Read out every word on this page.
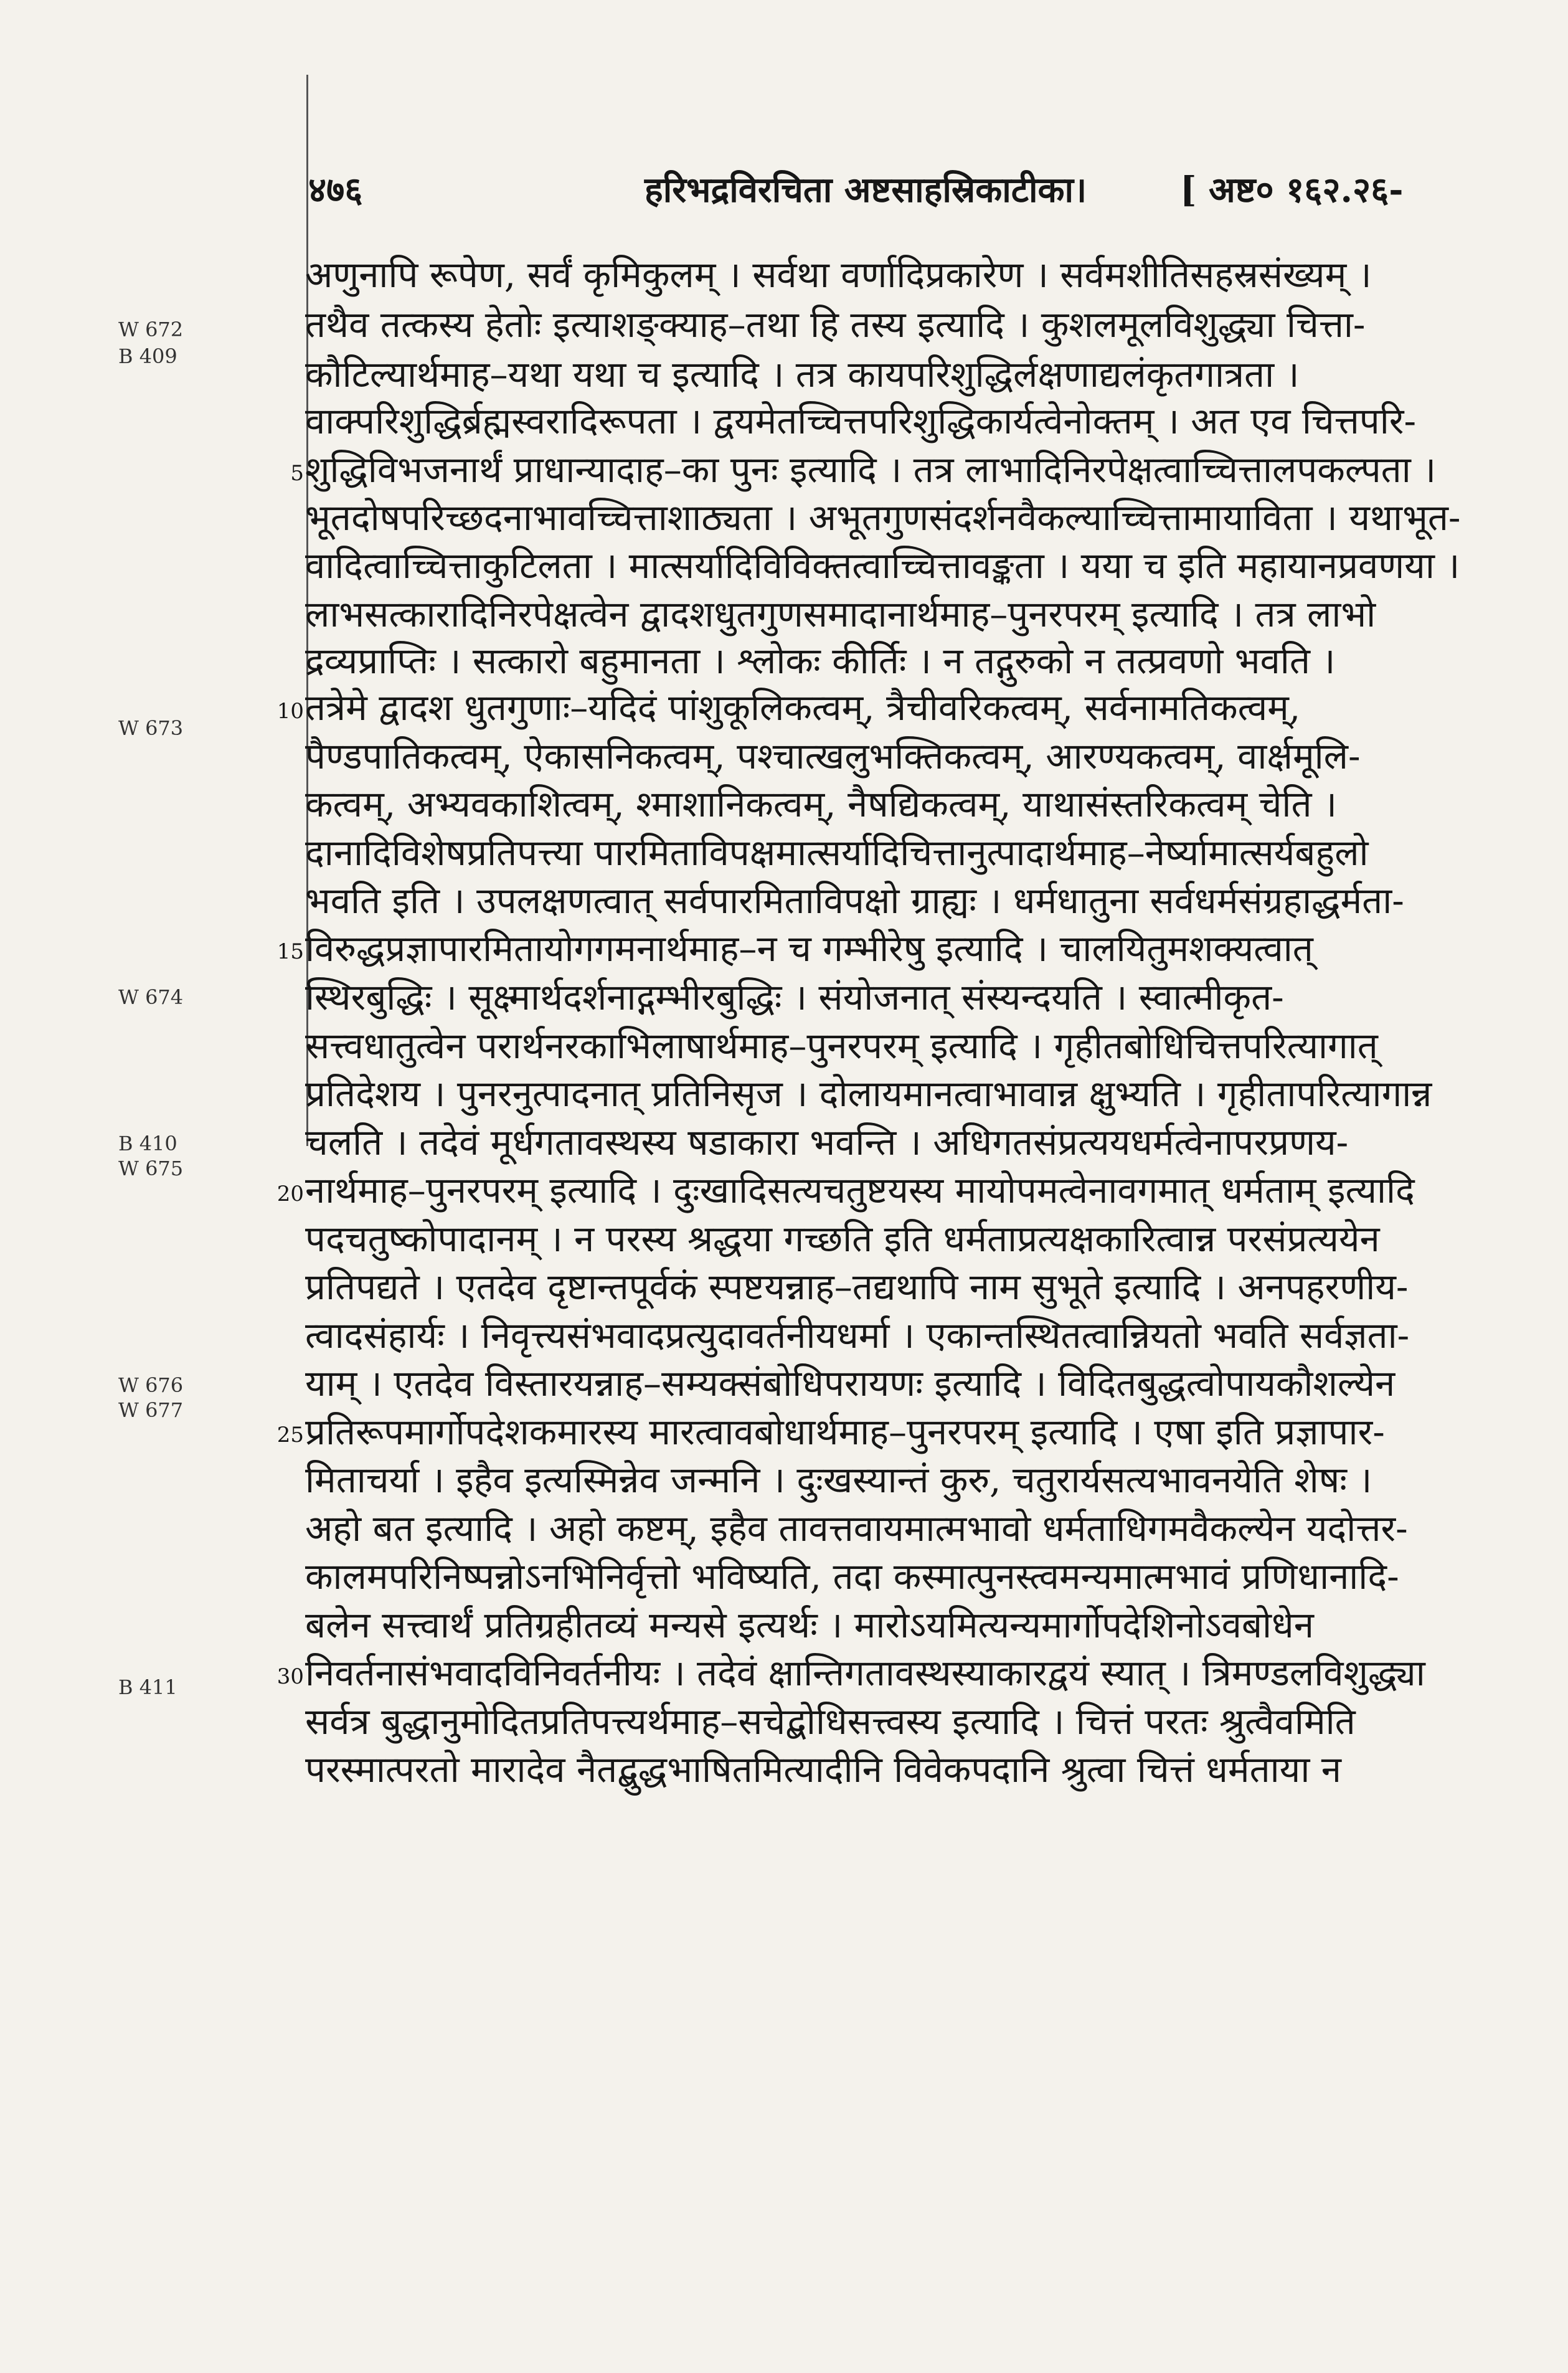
४७६	हरिभद्रविरचिता अष्टसाहस्रिकाटीका।	[ अष्ट० १६२.२६-
अणुनापि रूपेण, सर्वं कृमिकुलम् । सर्वथा वर्णादिप्रकारेण । सर्वमशीतिसहस्रसंख्यम् ।
तथैव तत्कस्य हेतोः इत्याशङ्क्याह–तथा हि तस्य इत्यादि । कुशलमूलविशुद्ध्या चित्ता-
कौटिल्यार्थमाह–यथा यथा च इत्यादि । तत्र कायपरिशुद्धिर्लक्षणाद्यलंकृतगात्रता ।
वाक्परिशुद्धिर्ब्रह्मस्वरादिरूपता । द्वयमेतच्चित्तपरिशुद्धिकार्यत्वेनोक्तम् । अत एव चित्तपरि-
शुद्धिविभजनार्थं प्राधान्यादाह–का पुनः इत्यादि । तत्र लाभादिनिरपेक्षत्वाच्चित्तालपकल्पता ।
भूतदोषपरिच्छदनाभावच्चित्ताशाठ्यता । अभूतगुणसंदर्शनवैकल्याच्चित्तामायाविता । यथाभूत-
वादित्वाच्चित्ताकुटिलता । मात्सर्यादिविविक्तत्वाच्चित्तावङ्कता । यया च इति महायानप्रवणया ।
लाभसत्कारादिनिरपेक्षत्वेन द्वादशधुतगुणसमादानार्थमाह–पुनरपरम् इत्यादि । तत्र लाभो
द्रव्यप्राप्तिः । सत्कारो बहुमानता । श्लोकः कीर्तिः । न तद्गुरुको न तत्प्रवणो भवति ।
तत्रेमे द्वादश धुतगुणाः–यदिदं पांशुकूलिकत्वम्, त्रैचीवरिकत्वम्, सर्वनामतिकत्वम्,
पैण्डपातिकत्वम्, ऐकासनिकत्वम्, पश्चात्खलुभक्तिकत्वम्, आरण्यकत्वम्, वार्क्षमूलि-
कत्वम्, अभ्यवकाशित्वम्, श्माशानिकत्वम्, नैषद्यिकत्वम्, याथासंस्तरिकत्वम् चेति ।
दानादिविशेषप्रतिपत्त्या पारमिताविपक्षमात्सर्यादिचित्तानुत्पादार्थमाह–नेर्ष्यामात्सर्यबहुलो
भवति इति । उपलक्षणत्वात् सर्वपारमिताविपक्षो ग्राह्यः । धर्मधातुना सर्वधर्मसंग्रहाद्धर्मता-
विरुद्धप्रज्ञापारमितायोगगमनार्थमाह–न च गम्भीरेषु इत्यादि । चालयितुमशक्यत्वात्
स्थिरबुद्धिः । सूक्ष्मार्थदर्शनाद्गम्भीरबुद्धिः । संयोजनात् संस्यन्दयति । स्वात्मीकृत-
सत्त्वधातुत्वेन परार्थनरकाभिलाषार्थमाह–पुनरपरम् इत्यादि । गृहीतबोधिचित्तपरित्यागात्
प्रतिदेशय । पुनरनुत्पादनात् प्रतिनिसृज । दोलायमानत्वाभावान्न क्षुभ्यति । गृहीतापरित्यागान्न
चलति । तदेवं मूर्धगतावस्थस्य षडाकारा भवन्ति । अधिगतसंप्रत्ययधर्मत्वेनापरप्रणय-
नार्थमाह–पुनरपरम् इत्यादि । दुःखादिसत्यचतुष्टयस्य मायोपमत्वेनावगमात् धर्मताम् इत्यादि
पदचतुष्कोपादानम् । न परस्य श्रद्धया गच्छति इति धर्मताप्रत्यक्षकारित्वान्न परसंप्रत्ययेन
प्रतिपद्यते । एतदेव दृष्टान्तपूर्वकं स्पष्टयन्नाह–तद्यथापि नाम सुभूते इत्यादि । अनपहरणीय-
त्वादसंहार्यः । निवृत्त्यसंभवादप्रत्युदावर्तनीयधर्मा । एकान्तस्थितत्वान्नियतो भवति सर्वज्ञता-
याम् । एतदेव विस्तारयन्नाह–सम्यक्संबोधिपरायणः इत्यादि । विदितबुद्धत्वोपायकौशल्येन
प्रतिरूपमार्गोपदेशकमारस्य मारत्वावबोधार्थमाह–पुनरपरम् इत्यादि । एषा इति प्रज्ञापार-
मिताचर्या । इहैव इत्यस्मिन्नेव जन्मनि । दुःखस्यान्तं कुरु, चतुरार्यसत्यभावनयेति शेषः ।
अहो बत इत्यादि । अहो कष्टम्, इहैव तावत्तवायमात्मभावो धर्मताधिगमवैकल्येन यदोत्तर-
कालमपरिनिष्पन्नोऽनभिनिर्वृत्तो भविष्यति, तदा कस्मात्पुनस्त्वमन्यमात्मभावं प्रणिधानादि-
बलेन सत्त्वार्थं प्रतिग्रहीतव्यं मन्यसे इत्यर्थः । मारोऽयमित्यन्यमार्गोपदेशिनोऽवबोधेन
निवर्तनासंभवादविनिवर्तनीयः । तदेवं क्षान्तिगतावस्थस्याकारद्वयं स्यात् । त्रिमण्डलविशुद्ध्या
सर्वत्र बुद्धानुमोदितप्रतिपत्त्यर्थमाह–सचेद्बोधिसत्त्वस्य इत्यादि । चित्तं परतः श्रुत्वैवमिति
परस्मात्परतो मारादेव नैतद्बुद्धभाषितमित्यादीनि विवेकपदानि श्रुत्वा चित्तं धर्मताया न
5
10
15
20
25
30
W 672
B 409
W 673
W 674
B 410
W 675
W 676
W 677
B 411
